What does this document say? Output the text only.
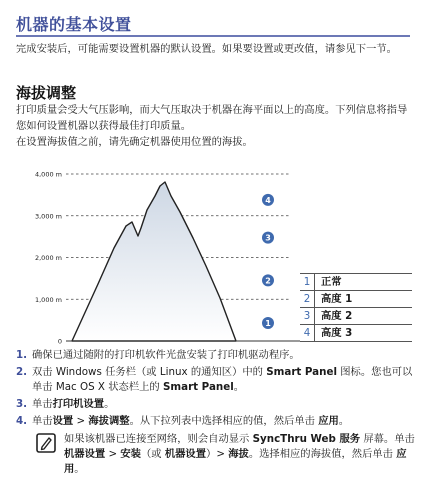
机器的基本设置
完成安装后，可能需要设置机器的默认设置。如果要设置或更改值，请参见下一节。
海拔调整
打印质量会受大气压影响，而大气压取决于机器在海平面以上的高度。下列信息将指导您如何设置机器以获得最佳打印质量。
在设置海拔值之前，请先确定机器使用位置的海拔。
4,000 m
3,000 m
2,000 m
1,000 m
0
1
2
3
4
1	正常
2	高度 1
3	高度 2
4	高度 3
1. 确保已通过随附的打印机软件光盘安装了打印机驱动程序。
2. 双击 Windows 任务栏（或 Linux 的通知区）中的 Smart Panel 图标。您也可以单击 Mac OS X 状态栏上的 Smart Panel。
3. 单击打印机设置。
4. 单击设置 > 海拔调整。从下拉列表中选择相应的值，然后单击 应用。
如果该机器已连接至网络，则会自动显示 SyncThru Web 服务 屏幕。单击机器设置 > 安装（或 机器设置）> 海拔。选择相应的海拔值，然后单击 应用。
